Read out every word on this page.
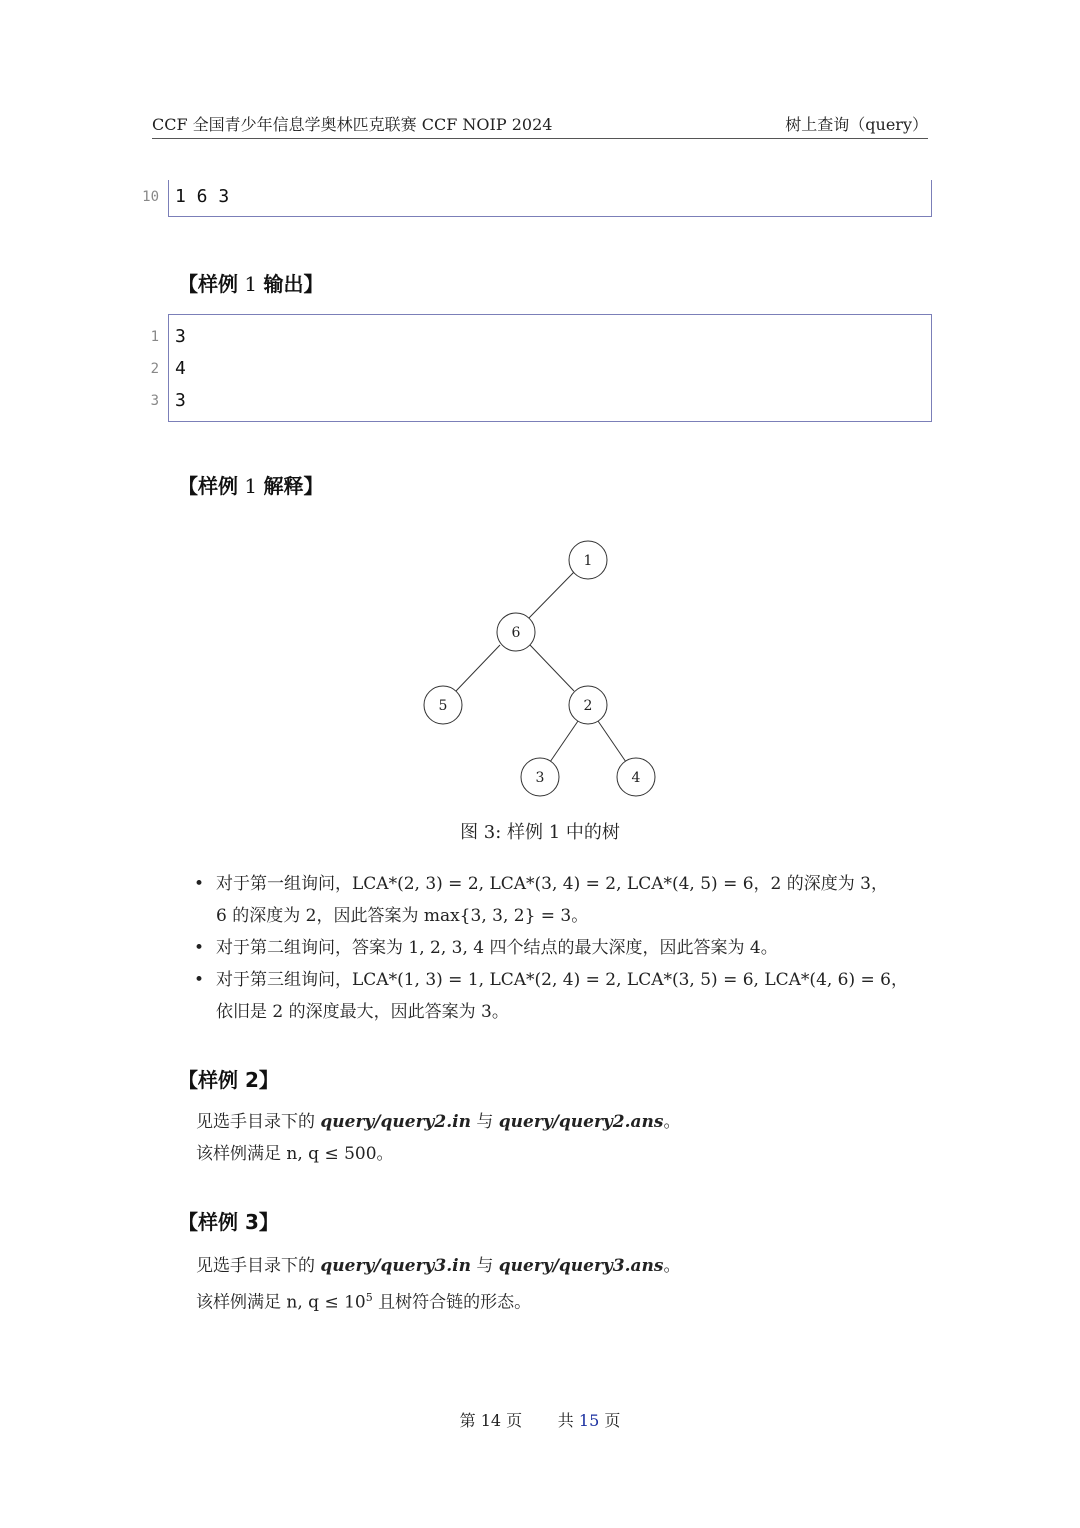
CCF 全国青少年信息学奥林匹克联赛 CCF NOIP 2024	树上查询（query）
10 1 6 3
【样例 1 输出】
1 3
2 4
3 3
【样例 1 解释】
1
6
5	2
3	4
图 3: 样例 1 中的树
• 对于第一组询问，LCA*(2, 3) = 2, LCA*(3, 4) = 2, LCA*(4, 5) = 6，2 的深度为 3，
6 的深度为 2，因此答案为 max{3, 3, 2} = 3。
• 对于第二组询问，答案为 1, 2, 3, 4 四个结点的最大深度，因此答案为 4。
• 对于第三组询问，LCA*(1, 3) = 1, LCA*(2, 4) = 2, LCA*(3, 5) = 6, LCA*(4, 6) = 6，
依旧是 2 的深度最大，因此答案为 3。
【样例 2】
见选手目录下的 query/query2.in 与 query/query2.ans。
该样例满足 n, q ≤ 500。
【样例 3】
见选手目录下的 query/query3.in 与 query/query3.ans。
该样例满足 n, $q \le 10^5$ 且树符合链的形态。
第 14 页 共 15 页
